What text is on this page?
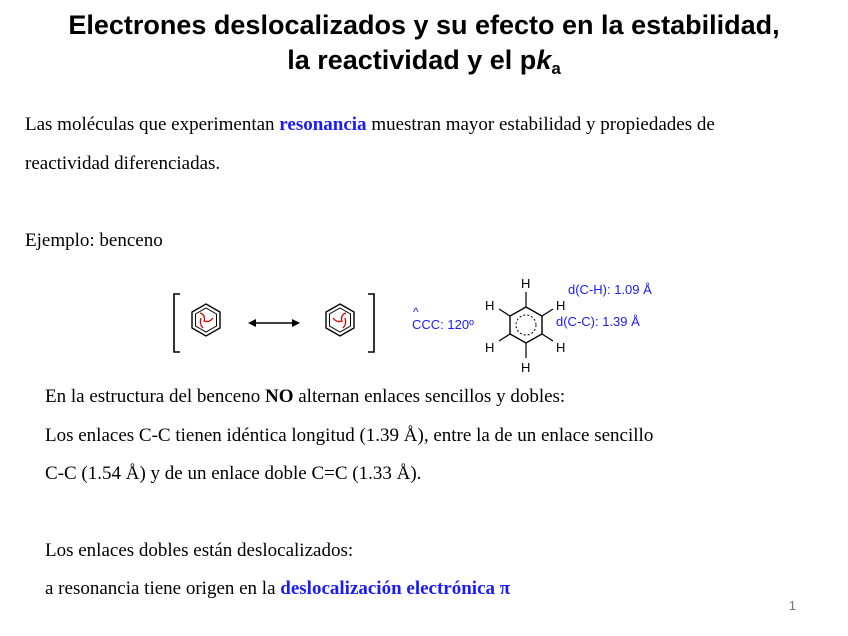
Electrones deslocalizados y su efecto en la estabilidad,
la reactividad y el $pk_a$
Las moléculas que experimentan resonancia muestran mayor estabilidad y propiedades de
reactividad diferenciadas.
Ejemplo: benceno
^
CCC: 120º
H
H
H	H
H	H
d(C-H): 1.09 Å
d(C-C): 1.39 Å
En la estructura del benceno NO alternan enlaces sencillos y dobles:
Los enlaces C-C tienen idéntica longitud (1.39 Å), entre la de un enlace sencillo
C-C (1.54 Å) y de un enlace doble C=C (1.33 Å).
Los enlaces dobles están deslocalizados:
a resonancia tiene origen en la deslocalización electrónica π
1
